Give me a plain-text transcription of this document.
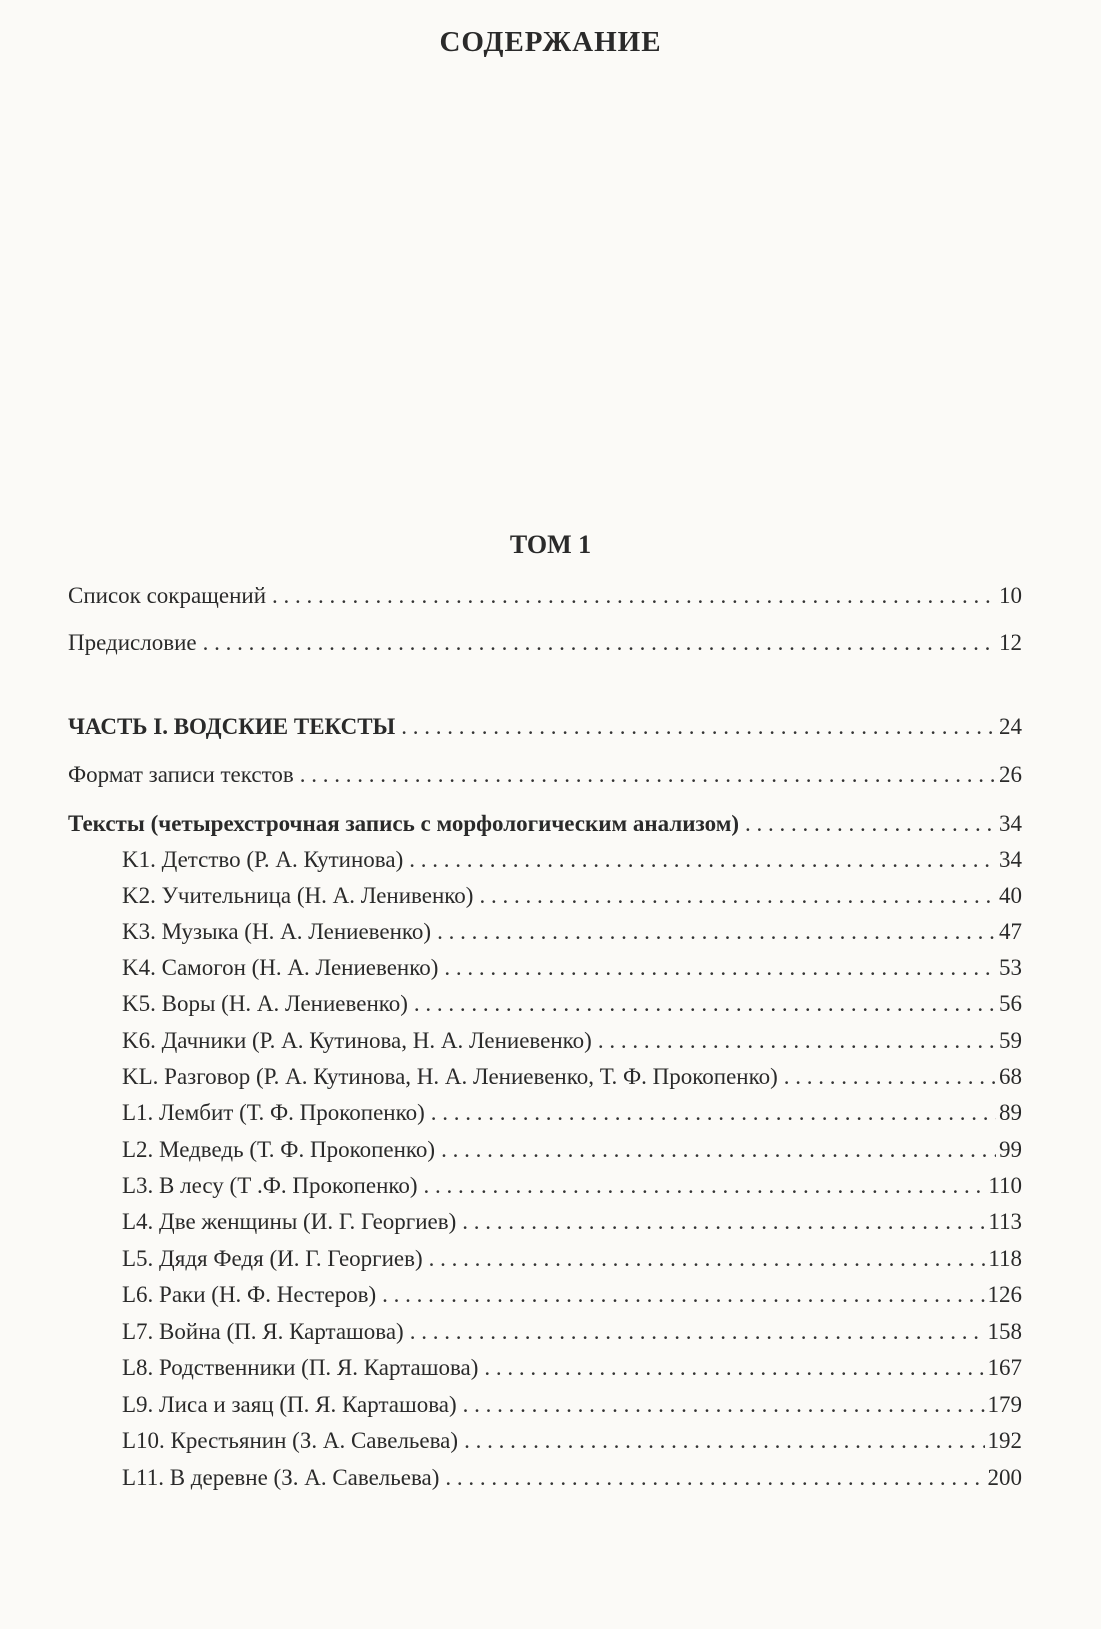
СОДЕРЖАНИЕ
ТОМ 1
Список сокращений . . .	10
Предисловие . . .	12
ЧАСТЬ I. ВОДСКИЕ ТЕКСТЫ . . .	24
Формат записи текстов . . .	26
Тексты (четырехстрочная запись с морфологическим анализом) . . .	34
K1. Детство (Р. А. Кутинова) . . .	34
K2. Учительница (Н. А. Ленивенко) . . .	40
K3. Музыка (Н. А. Лениевенко) . . .	47
K4. Самогон (Н. А. Лениевенко) . . .	53
K5. Воры (Н. А. Лениевенко) . . .	56
K6. Дачники (Р. А. Кутинова, Н. А. Лениевенко) . . .	59
KL. Разговор (Р. А. Кутинова, Н. А. Лениевенко, Т. Ф. Прокопенко) . . .	68
L1. Лембит (Т. Ф. Прокопенко) . . .	89
L2. Медведь (Т. Ф. Прокопенко) . . .	99
L3. В лесу (Т .Ф. Прокопенко) . . .	110
L4. Две женщины (И. Г. Георгиев) . . .	113
L5. Дядя Федя (И. Г. Георгиев) . . .	118
L6. Раки (Н. Ф. Нестеров) . . .	126
L7. Война (П. Я. Карташова) . . .	158
L8. Родственники (П. Я. Карташова) . . .	167
L9. Лиса и заяц (П. Я. Карташова) . . .	179
L10. Крестьянин (З. А. Савельева) . . .	192
L11. В деревне (З. А. Савельева) . . .	200
